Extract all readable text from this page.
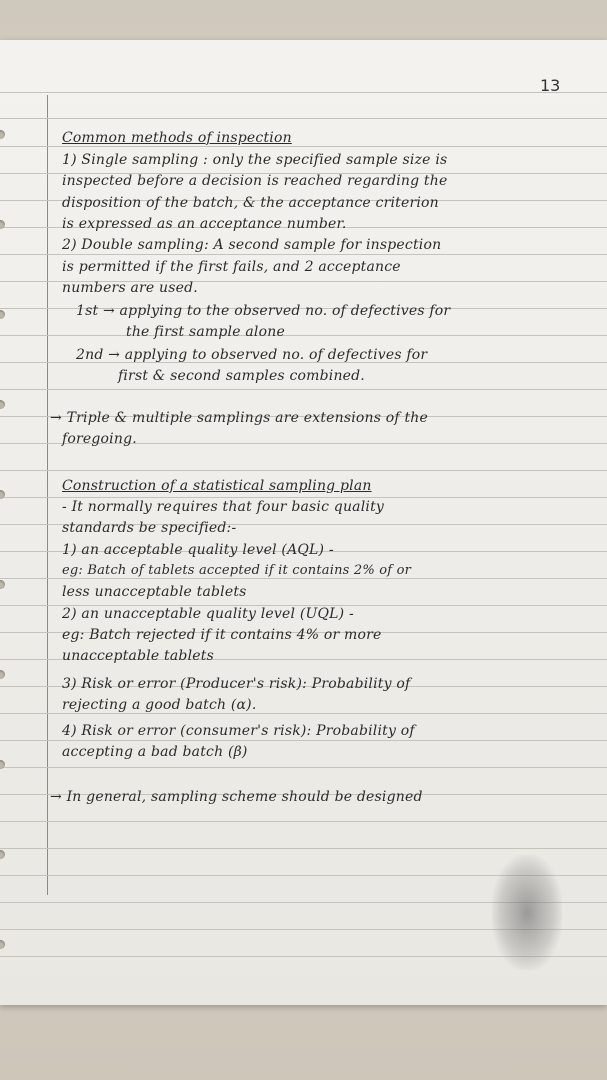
13
Common methods of inspection
1) Single sampling : only the specified sample size is
inspected before a decision is reached regarding the
disposition of the batch, & the acceptance criterion
is expressed as an acceptance number.
2) Double sampling: A second sample for inspection
is permitted if the first fails, and 2 acceptance
numbers are used.
1st → applying to the observed no. of defectives for
the first sample alone
2nd → applying to observed no. of defectives for
first & second samples combined.
→ Triple & multiple samplings are extensions of the
foregoing.
Construction of a statistical sampling plan
- It normally requires that four basic quality
standards be specified:-
1) an acceptable quality level (AQL) -
eg: Batch of tablets accepted if it contains 2% of or
less unacceptable tablets
2) an unacceptable quality level (UQL) -
eg: Batch rejected if it contains 4% or more
unacceptable tablets
3) Risk or error (Producer's risk): Probability of
rejecting a good batch (α).
4) Risk or error (consumer's risk): Probability of
accepting a bad batch (β)
→ In general, sampling scheme should be designed
